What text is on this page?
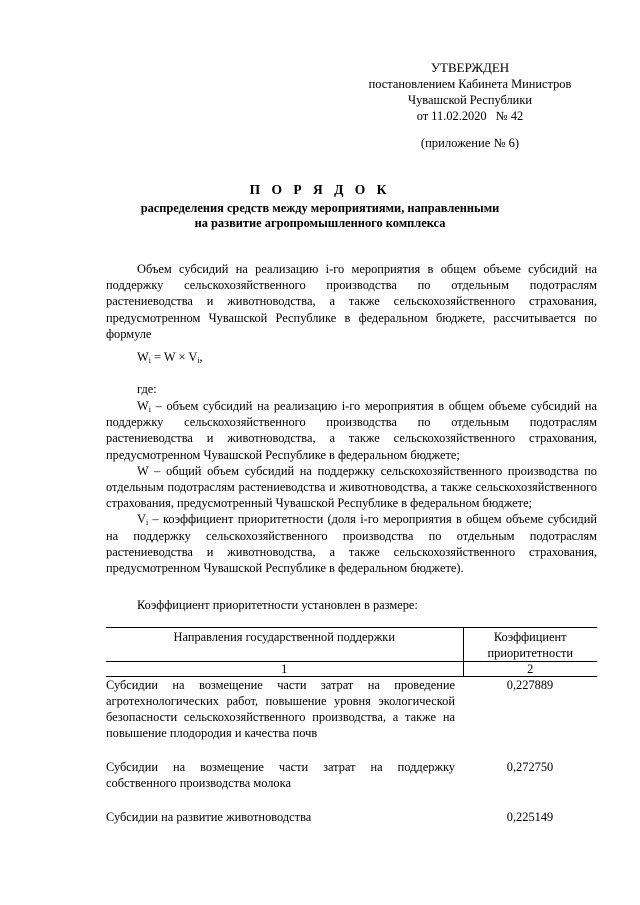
УТВЕРЖДЕН
постановлением Кабинета Министров
Чувашской Республики
от 11.02.2020   № 42
(приложение № 6)
П О Р Я Д О К
распределения средств между мероприятиями, направленными
на развитие агропромышленного комплекса
Объем субсидий на реализацию i-го мероприятия в общем объеме субсидий на поддержку сельскохозяйственного производства по отдельным подотраслям растениеводства и животноводства, а также сельскохозяйственного страхования, предусмотренном Чувашской Республике в федеральном бюджете, рассчитывается по формуле
$W_i = W \times V_i$,
где:

$W_i$ – объем субсидий на реализацию i-го мероприятия в общем объеме субсидий на поддержку сельскохозяйственного производства по отдельным подотраслям растениеводства и животноводства, а также сельскохозяйственного страхования, предусмотренном Чувашской Республике в федеральном бюджете;

W – общий объем субсидий на поддержку сельскохозяйственного производства по отдельным подотраслям растениеводства и животноводства, а также сельскохозяйственного страхования, предусмотренный Чувашской Республике в федеральном бюджете;

$V_i$ – коэффициент приоритетности (доля i-го мероприятия в общем объеме субсидий на поддержку сельскохозяйственного производства по отдельным подотраслям растениеводства и животноводства, а также сельскохозяйственного страхования, предусмотренном Чувашской Республике в федеральном бюджете).

Коэффициент приоритетности установлен в размере:
Направления государственной поддержки	Коэффициент приоритетности
1	2
Субсидии на возмещение части затрат на проведение агротехнологических работ, повышение уровня экологической безопасности сельскохозяйственного производства, а также на повышение плодородия и качества почв	0,227889
Субсидии на возмещение части затрат на поддержку собственного производства молока	0,272750
Субсидии на развитие животноводства	0,225149
